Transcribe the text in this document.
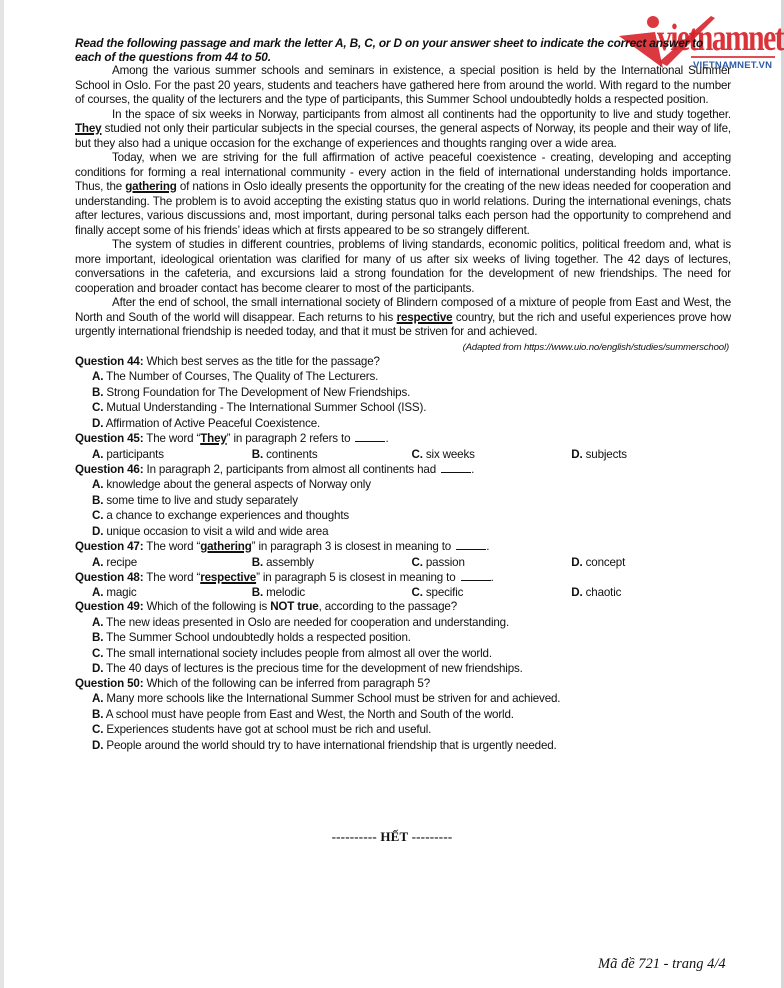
vietnamnet
VIETNAMNET.VN

Read the following passage and mark the letter A, B, C, or D on your answer sheet to indicate the correct answer to each of the questions from 44 to 50.

Among the various summer schools and seminars in existence, a special position is held by the International Summer School in Oslo. For the past 20 years, students and teachers have gathered here from around the world. With regard to the number of courses, the quality of the lecturers and the type of participants, this Summer School undoubtedly holds a respected position.

In the space of six weeks in Norway, participants from almost all continents had the opportunity to live and study together. They studied not only their particular subjects in the special courses, the general aspects of Norway, its people and their way of life, but they also had a unique occasion for the exchange of experiences and thoughts ranging over a wide area.

Today, when we are striving for the full affirmation of active peaceful coexistence - creating, developing and accepting conditions for forming a real international community - every action in the field of international understanding holds importance. Thus, the gathering of nations in Oslo ideally presents the opportunity for the creating of the new ideas needed for cooperation and understanding. The problem is to avoid accepting the existing status quo in world relations. During the international evenings, chats after lectures, various discussions and, most important, during personal talks each person had the opportunity to comprehend and finally accept some of his friends’ ideas which at firsts appeared to be so strangely different.

The system of studies in different countries, problems of living standards, economic politics, political freedom and, what is more important, ideological orientation was clarified for many of us after six weeks of living together. The 42 days of lectures, conversations in the cafeteria, and excursions laid a strong foundation for the development of new friendships. The need for cooperation and broader contact has become clearer to most of the participants.

After the end of school, the small international society of Blindern composed of a mixture of people from East and West, the North and South of the world will disappear. Each returns to his respective country, but the rich and useful experiences prove how urgently international friendship is needed today, and that it must be striven for and achieved.

(Adapted from https://www.uio.no/english/studies/summerschool)

Question 44: Which best serves as the title for the passage?

A. The Number of Courses, The Quality of The Lecturers.

B. Strong Foundation for The Development of New Friendships.

C. Mutual Understanding - The International Summer School (ISS).

D. Affirmation of Active Peaceful Coexistence.

Question 45: The word “They” in paragraph 2 refers to	.

A. participants	B. continents	C. six weeks	D. subjects

Question 46: In paragraph 2, participants from almost all continents had	.

A. knowledge about the general aspects of Norway only

B. some time to live and study separately

C. a chance to exchange experiences and thoughts

D. unique occasion to visit a wild and wide area

Question 47: The word “gathering” in paragraph 3 is closest in meaning to	.

A. recipe	B. assembly	C. passion	D. concept

Question 48: The word “respective” in paragraph 5 is closest in meaning to	.

A. magic	B. melodic	C. specific	D. chaotic

Question 49: Which of the following is NOT true, according to the passage?

A. The new ideas presented in Oslo are needed for cooperation and understanding.

B. The Summer School undoubtedly holds a respected position.

C. The small international society includes people from almost all over the world.

D. The 40 days of lectures is the precious time for the development of new friendships.

Question 50: Which of the following can be inferred from paragraph 5?

A. Many more schools like the International Summer School must be striven for and achieved.

B. A school must have people from East and West, the North and South of the world.

C. Experiences students have got at school must be rich and useful.

D. People around the world should try to have international friendship that is urgently needed.

---------- HẾT ---------
Mã đề 721 - trang 4/4
